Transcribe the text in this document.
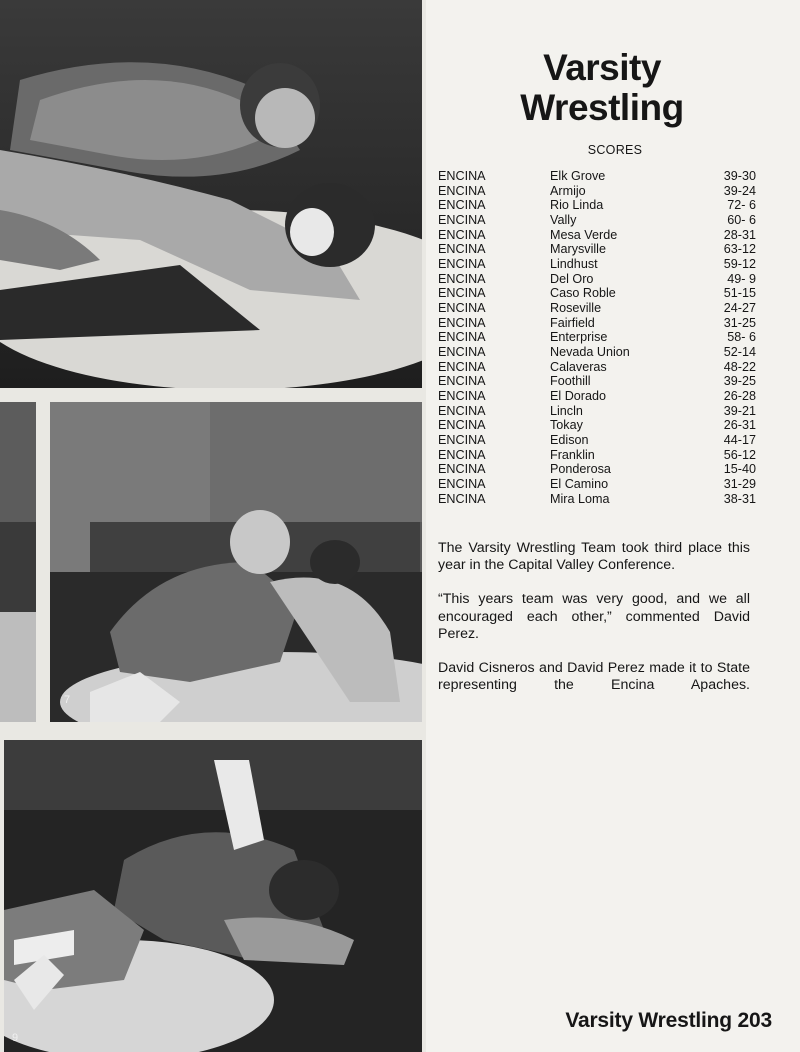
7
9
Varsity
Wrestling
SCORES
ENCINA	Elk Grove	39-30
ENCINA	Armijo	39-24
ENCINA	Rio Linda	72- 6
ENCINA	Vally	60- 6
ENCINA	Mesa Verde	28-31
ENCINA	Marysville	63-12
ENCINA	Lindhust	59-12
ENCINA	Del Oro	49- 9
ENCINA	Caso Roble	51-15
ENCINA	Roseville	24-27
ENCINA	Fairfield	31-25
ENCINA	Enterprise	58- 6
ENCINA	Nevada Union	52-14
ENCINA	Calaveras	48-22
ENCINA	Foothill	39-25
ENCINA	El Dorado	26-28
ENCINA	Lincln	39-21
ENCINA	Tokay	26-31
ENCINA	Edison	44-17
ENCINA	Franklin	56-12
ENCINA	Ponderosa	15-40
ENCINA	El Camino	31-29
ENCINA	Mira Loma	38-31

The Varsity Wrestling Team took third place this year in the Capital Valley Conference.

“This years team was very good, and we all encouraged each other,” commented David Perez.

David Cisneros and David Perez made it to State representing the Encina Apaches.

Varsity Wrestling 203
